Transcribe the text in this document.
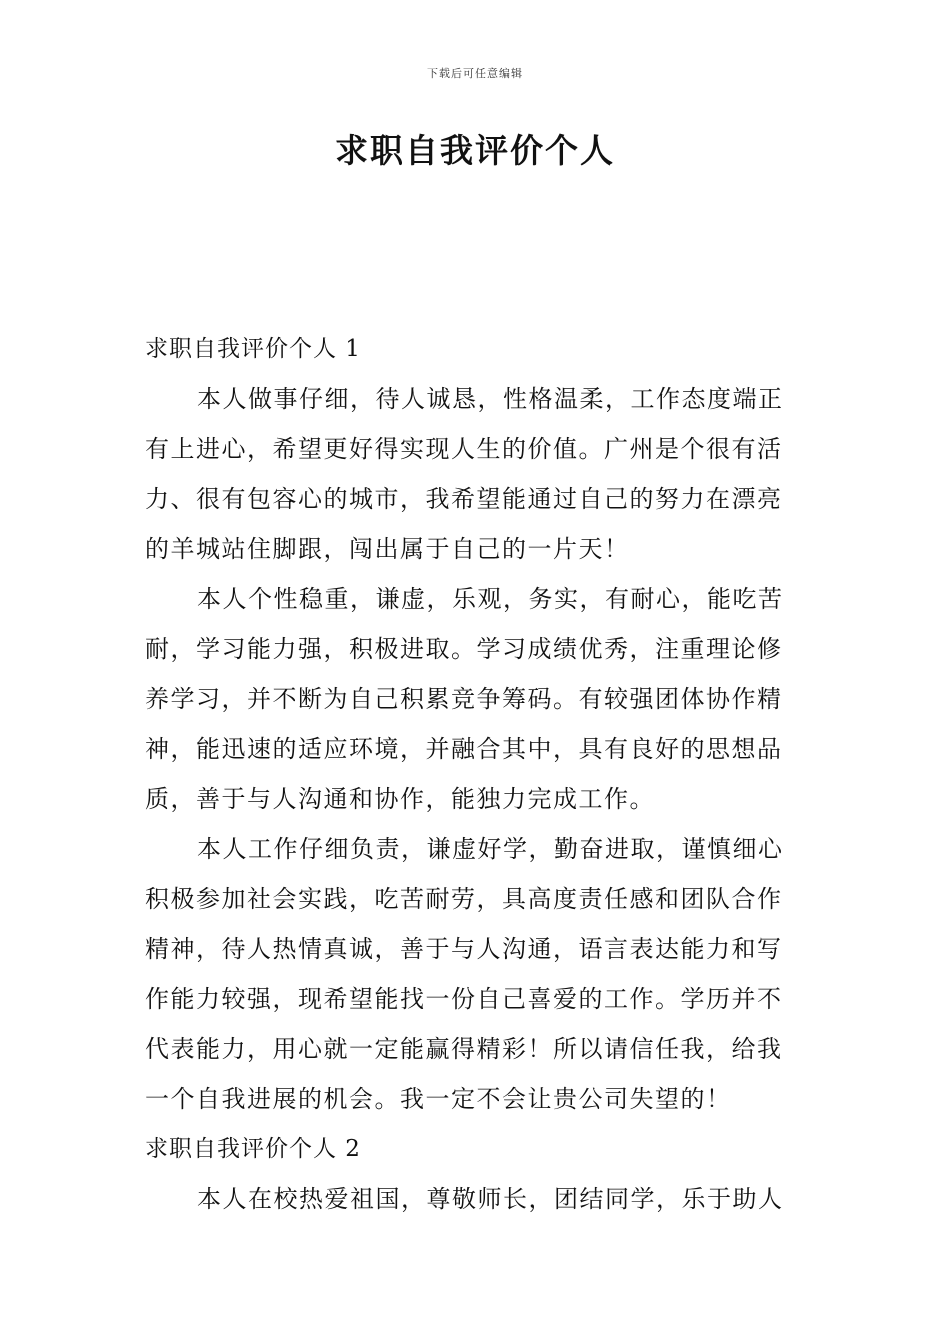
下载后可任意编辑
求职自我评价个人
求职自我评价个人 1
本人做事仔细，待人诚恳，性格温柔，工作态度端正
有上进心，希望更好得实现人生的价值。广州是个很有活
力、很有包容心的城市，我希望能通过自己的努力在漂亮
的羊城站住脚跟，闯出属于自己的一片天！
本人个性稳重，谦虚，乐观，务实，有耐心，能吃苦
耐，学习能力强，积极进取。学习成绩优秀，注重理论修
养学习，并不断为自己积累竞争筹码。有较强团体协作精
神，能迅速的适应环境，并融合其中，具有良好的思想品
质，善于与人沟通和协作，能独力完成工作。
本人工作仔细负责，谦虚好学，勤奋进取，谨慎细心
积极参加社会实践，吃苦耐劳，具高度责任感和团队合作
精神，待人热情真诚，善于与人沟通，语言表达能力和写
作能力较强，现希望能找一份自己喜爱的工作。学历并不
代表能力，用心就一定能赢得精彩！所以请信任我，给我
一个自我进展的机会。我一定不会让贵公司失望的！
求职自我评价个人 2
本人在校热爱祖国，尊敬师长，团结同学，乐于助人
